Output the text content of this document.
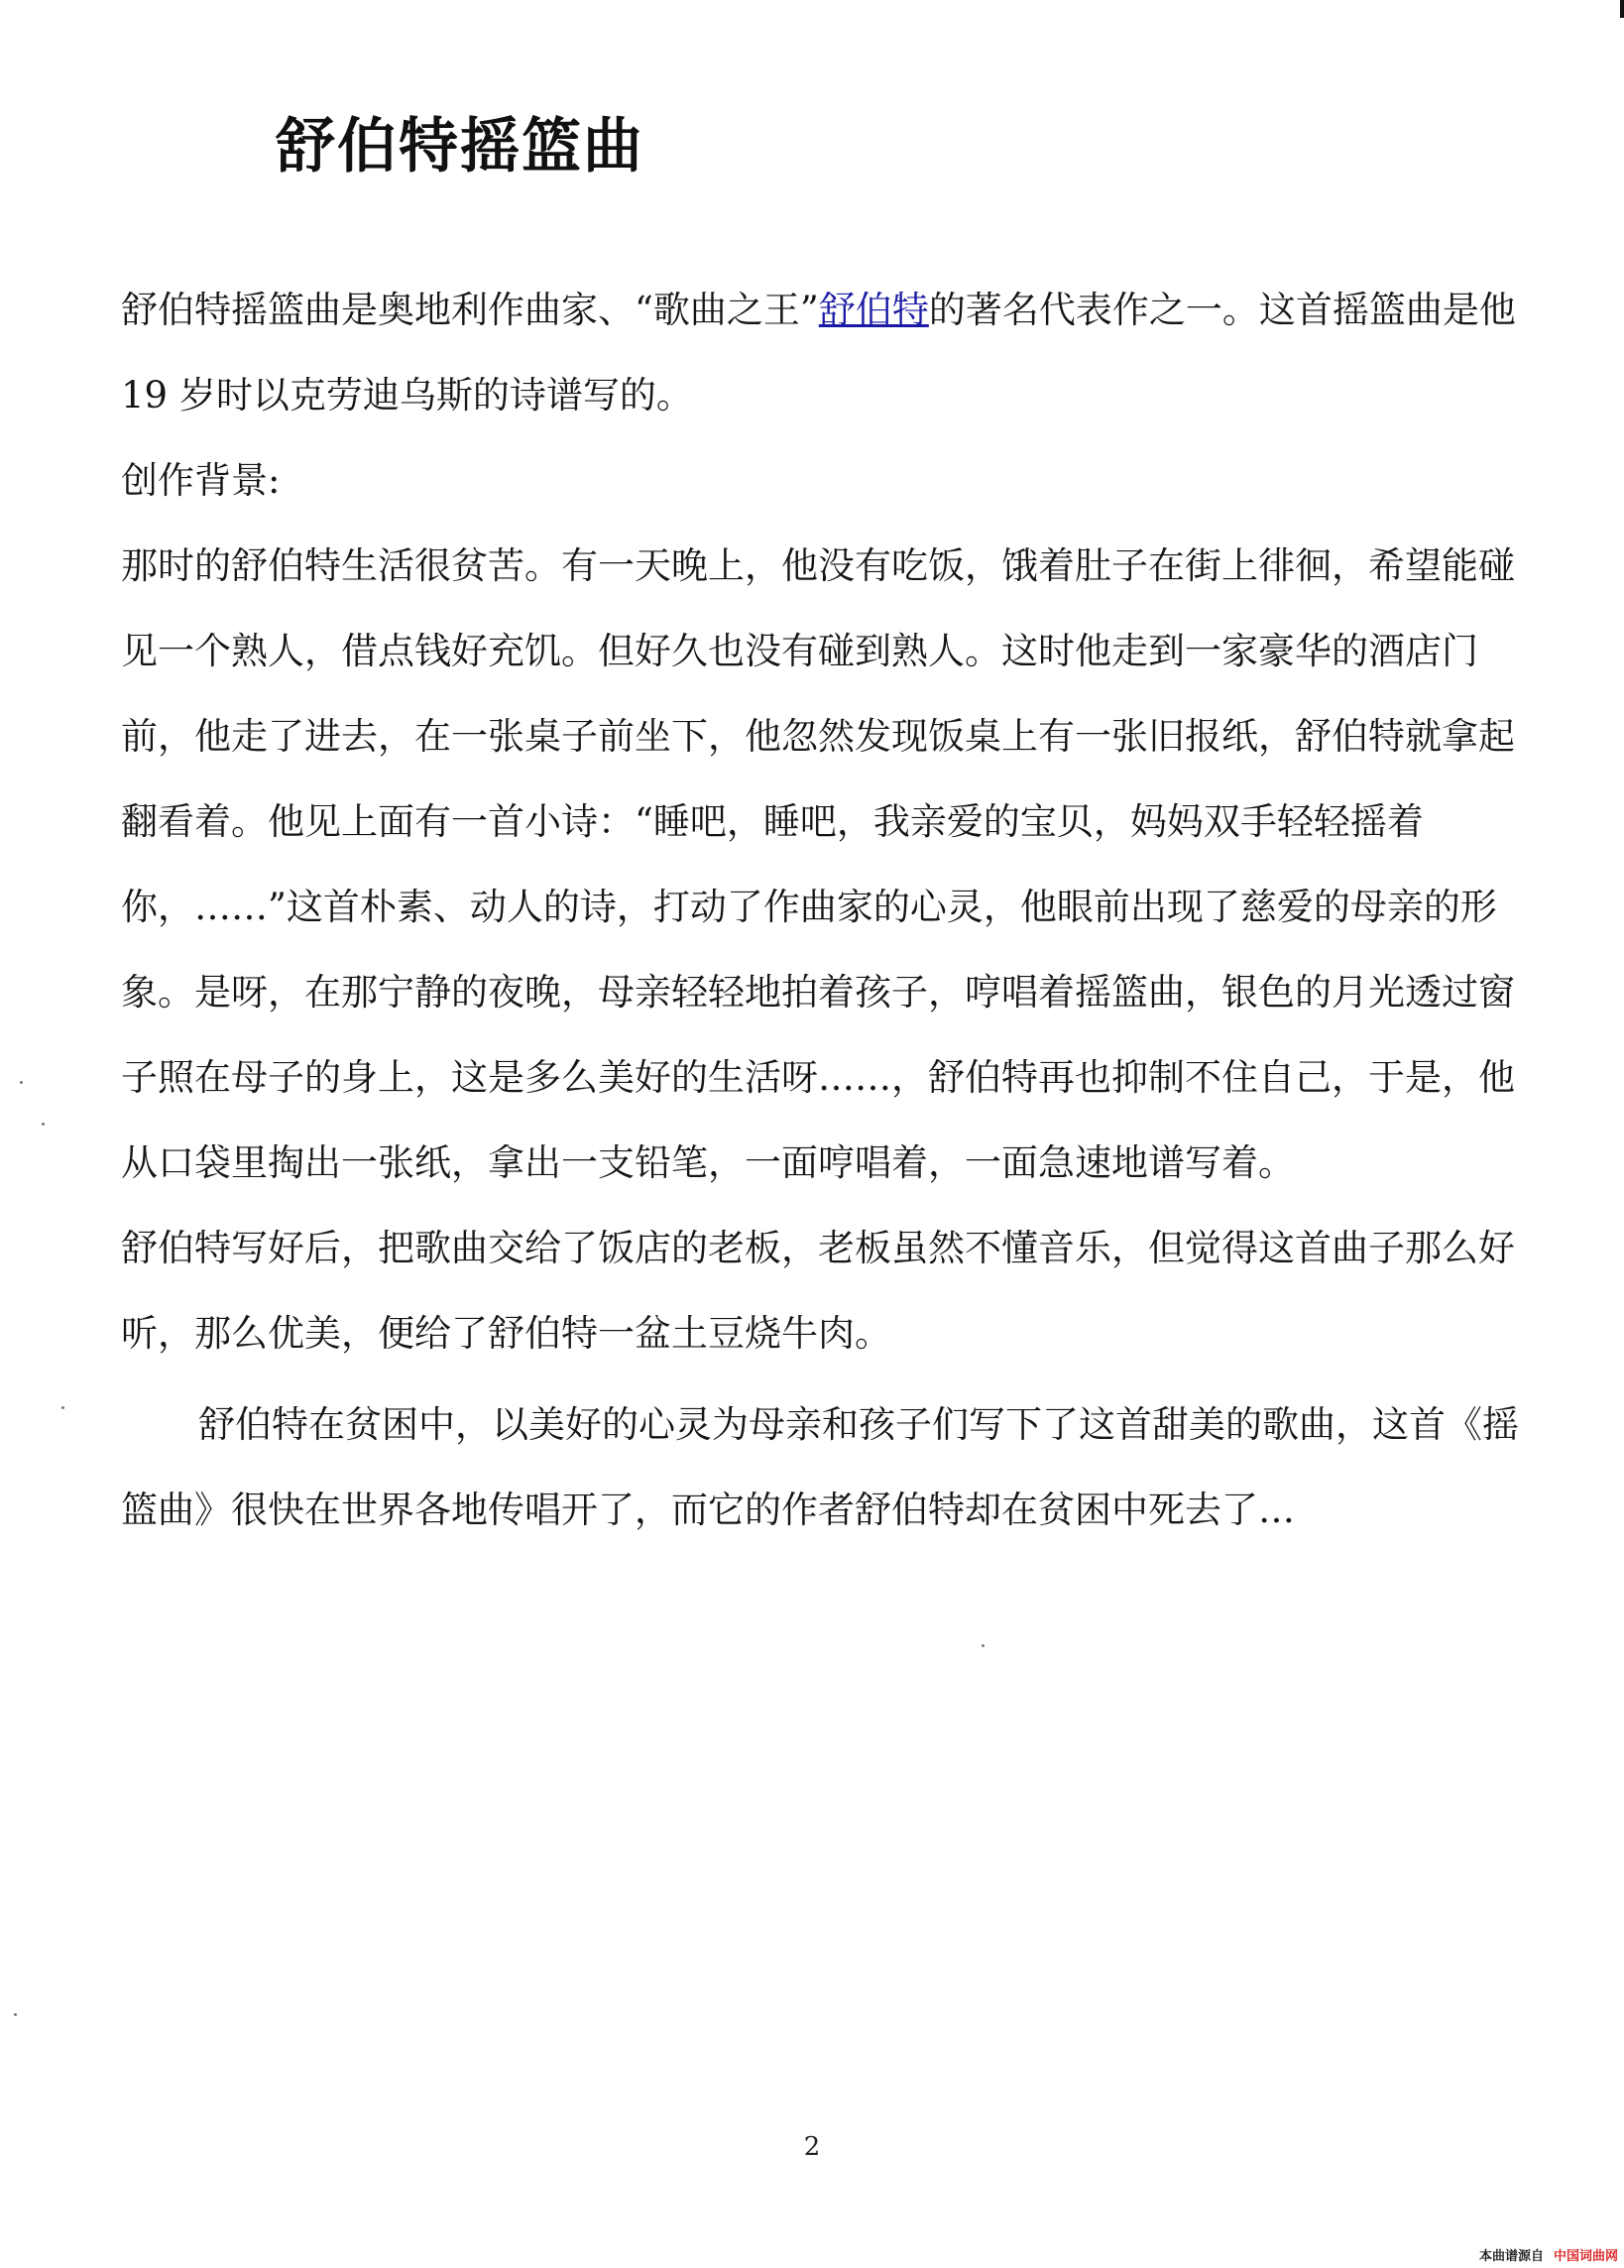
舒伯特摇篮曲

舒伯特摇篮曲是奥地利作曲家、“歌曲之王”舒伯特的著名代表作之一。这首摇篮曲是他 19 岁时以克劳迪乌斯的诗谱写的。

创作背景:

那时的舒伯特生活很贫苦。有一天晚上，他没有吃饭，饿着肚子在街上徘徊，希望能碰见一个熟人，借点钱好充饥。但好久也没有碰到熟人。这时他走到一家豪华的酒店门前，他走了进去，在一张桌子前坐下，他忽然发现饭桌上有一张旧报纸，舒伯特就拿起翻看着。他见上面有一首小诗：“睡吧，睡吧，我亲爱的宝贝，妈妈双手轻轻摇着你，……”这首朴素、动人的诗，打动了作曲家的心灵，他眼前出现了慈爱的母亲的形象。是呀，在那宁静的夜晚，母亲轻轻地拍着孩子，哼唱着摇篮曲，银色的月光透过窗子照在母子的身上，这是多么美好的生活呀……，舒伯特再也抑制不住自己，于是，他从口袋里掏出一张纸，拿出一支铅笔，一面哼唱着，一面急速地谱写着。

舒伯特写好后，把歌曲交给了饭店的老板，老板虽然不懂音乐，但觉得这首曲子那么好听，那么优美，便给了舒伯特一盆土豆烧牛肉。

舒伯特在贫困中，以美好的心灵为母亲和孩子们写下了这首甜美的歌曲，这首《摇篮曲》很快在世界各地传唱开了，而它的作者舒伯特却在贫困中死去了…

2
本曲谱源自 中国词曲网
